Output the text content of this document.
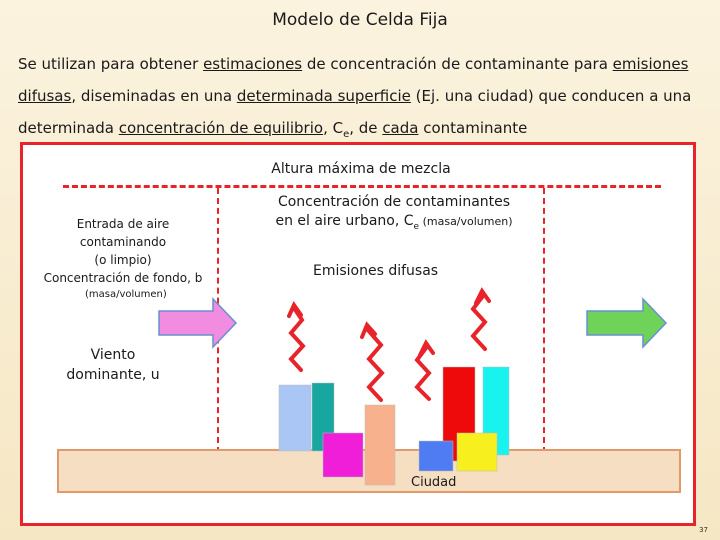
Modelo de Celda Fija
Se utilizan para obtener estimaciones de concentración de contaminante para emisiones
difusas, diseminadas en una determinada superficie (Ej. una ciudad) que conducen a una
determinada concentración de equilibrio, $C_e$, de cada contaminante
Altura máxima de mezcla
Concentración de contaminantes
en el aire urbano, $C_e$ (masa/volumen)
Entrada de aire
contaminando
(o limpio)
Concentración de fondo, b
(masa/volumen)
Emisiones difusas
Viento
dominante, u
Ciudad
37
